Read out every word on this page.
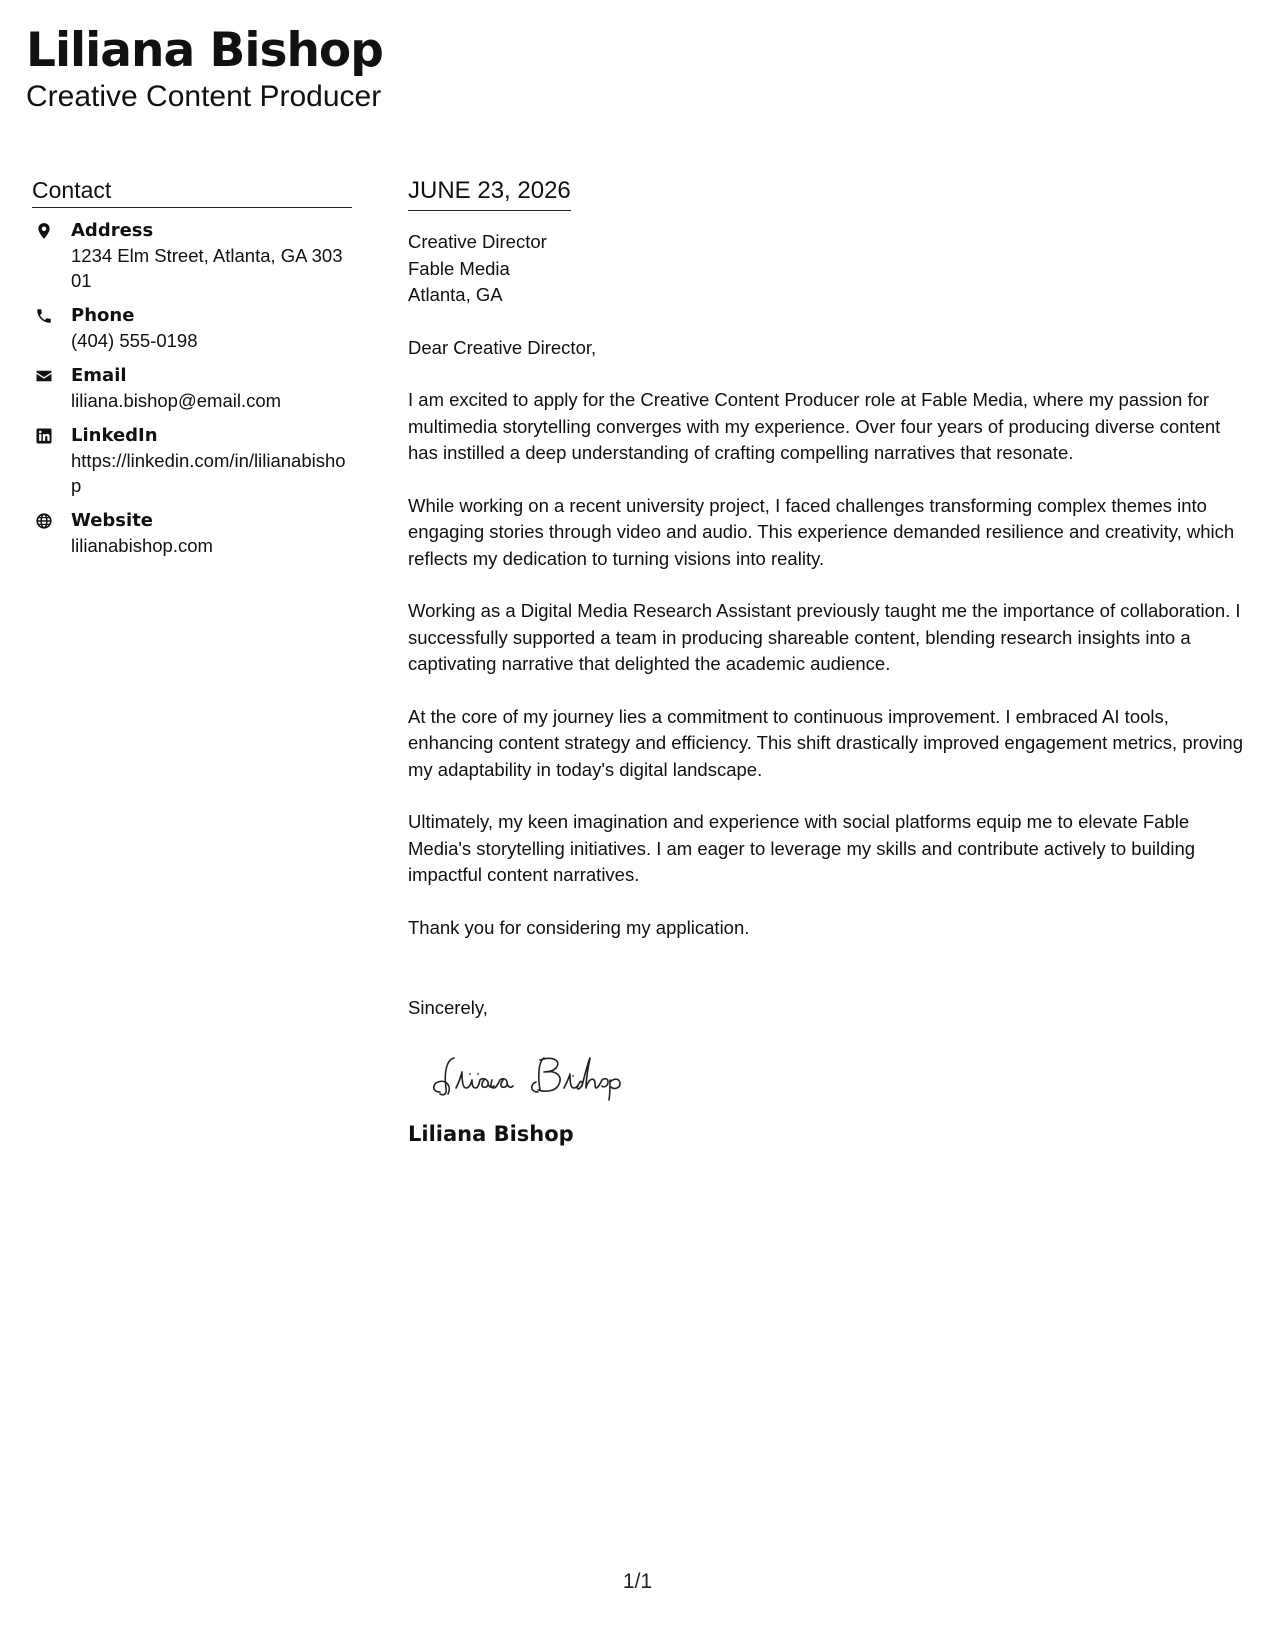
Liliana Bishop

Creative Content Producer

Contact
Address
1234 Elm Street, Atlanta, GA 30301
Phone
(404) 555-0198
Email
liliana.bishop@email.com
LinkedIn
https://linkedin.com/in/lilianabishop
Website
lilianabishop.com
JUNE 23, 2026
Creative Director
Fable Media
Atlanta, GA

Dear Creative Director,

I am excited to apply for the Creative Content Producer role at Fable Media, where my passion for multimedia storytelling converges with my experience. Over four years of producing diverse content has instilled a deep understanding of crafting compelling narratives that resonate.

While working on a recent university project, I faced challenges transforming complex themes into engaging stories through video and audio. This experience demanded resilience and creativity, which reflects my dedication to turning visions into reality.

Working as a Digital Media Research Assistant previously taught me the importance of collaboration. I successfully supported a team in producing shareable content, blending research insights into a captivating narrative that delighted the academic audience.

At the core of my journey lies a commitment to continuous improvement. I embraced AI tools, enhancing content strategy and efficiency. This shift drastically improved engagement metrics, proving my adaptability in today's digital landscape.

Ultimately, my keen imagination and experience with social platforms equip me to elevate Fable Media's storytelling initiatives. I am eager to leverage my skills and contribute actively to building impactful content narratives.

Thank you for considering my application.

Sincerely,

Liliana Bishop
1/1
